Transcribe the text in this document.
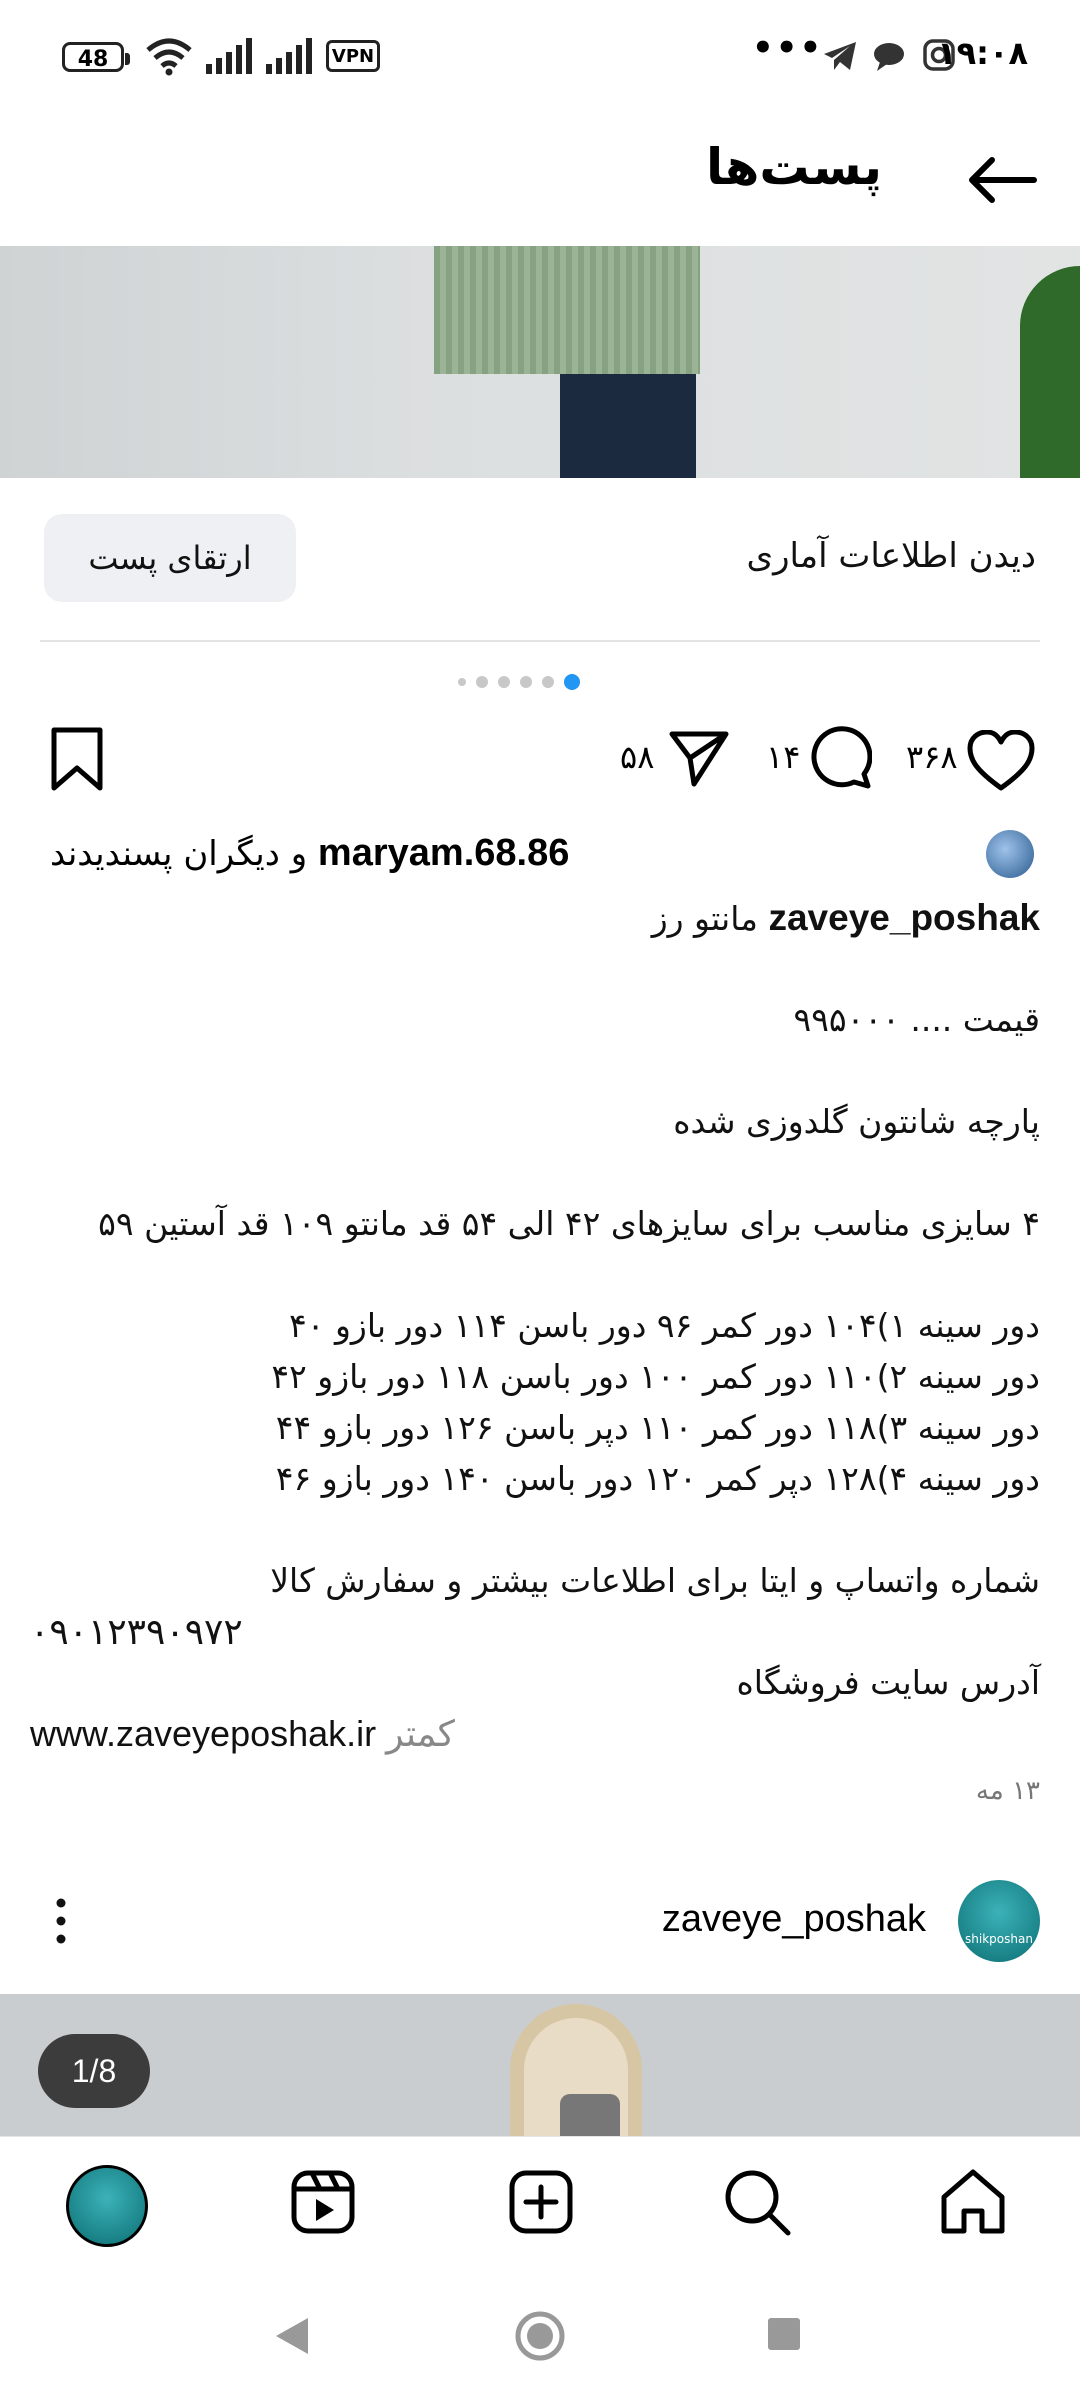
48	VPN	•••	۱۹:۰۸
پست‌ها
دیدن اطلاعات آماری
ارتقای پست
۵۸	۱۴	۳۶۸
maryam.68.86 و دیگران پسندیدند
zaveye_poshak مانتو رز
قیمت .... ۹۹۵۰۰۰
پارچه شانتون گلدوزی شده
۴ سایزی مناسب برای سایزهای ۴۲ الی ۵۴ قد مانتو ۱۰۹ قد آستین ۵۹
دور سینه ۱)۱۰۴ دور کمر ۹۶ دور باسن ۱۱۴ دور بازو ۴۰
دور سینه ۲)۱۱۰ دور کمر ۱۰۰ دور باسن ۱۱۸ دور بازو ۴۲
دور سینه ۳)۱۱۸ دور کمر ۱۱۰ دپر باسن ۱۲۶ دور بازو ۴۴
دور سینه ۴)۱۲۸ دپر کمر ۱۲۰ دور باسن ۱۴۰ دور بازو ۴۶
شماره واتساپ و ایتا برای اطلاعات بیشتر و سفارش کالا
۰۹۰۱۲۳۹۰۹۷۲
آدرس سایت فروشگاه
www.zaveyeposhak.ir کمتر
۱۳ مه
shikposhan
zaveye_poshak
1/8
